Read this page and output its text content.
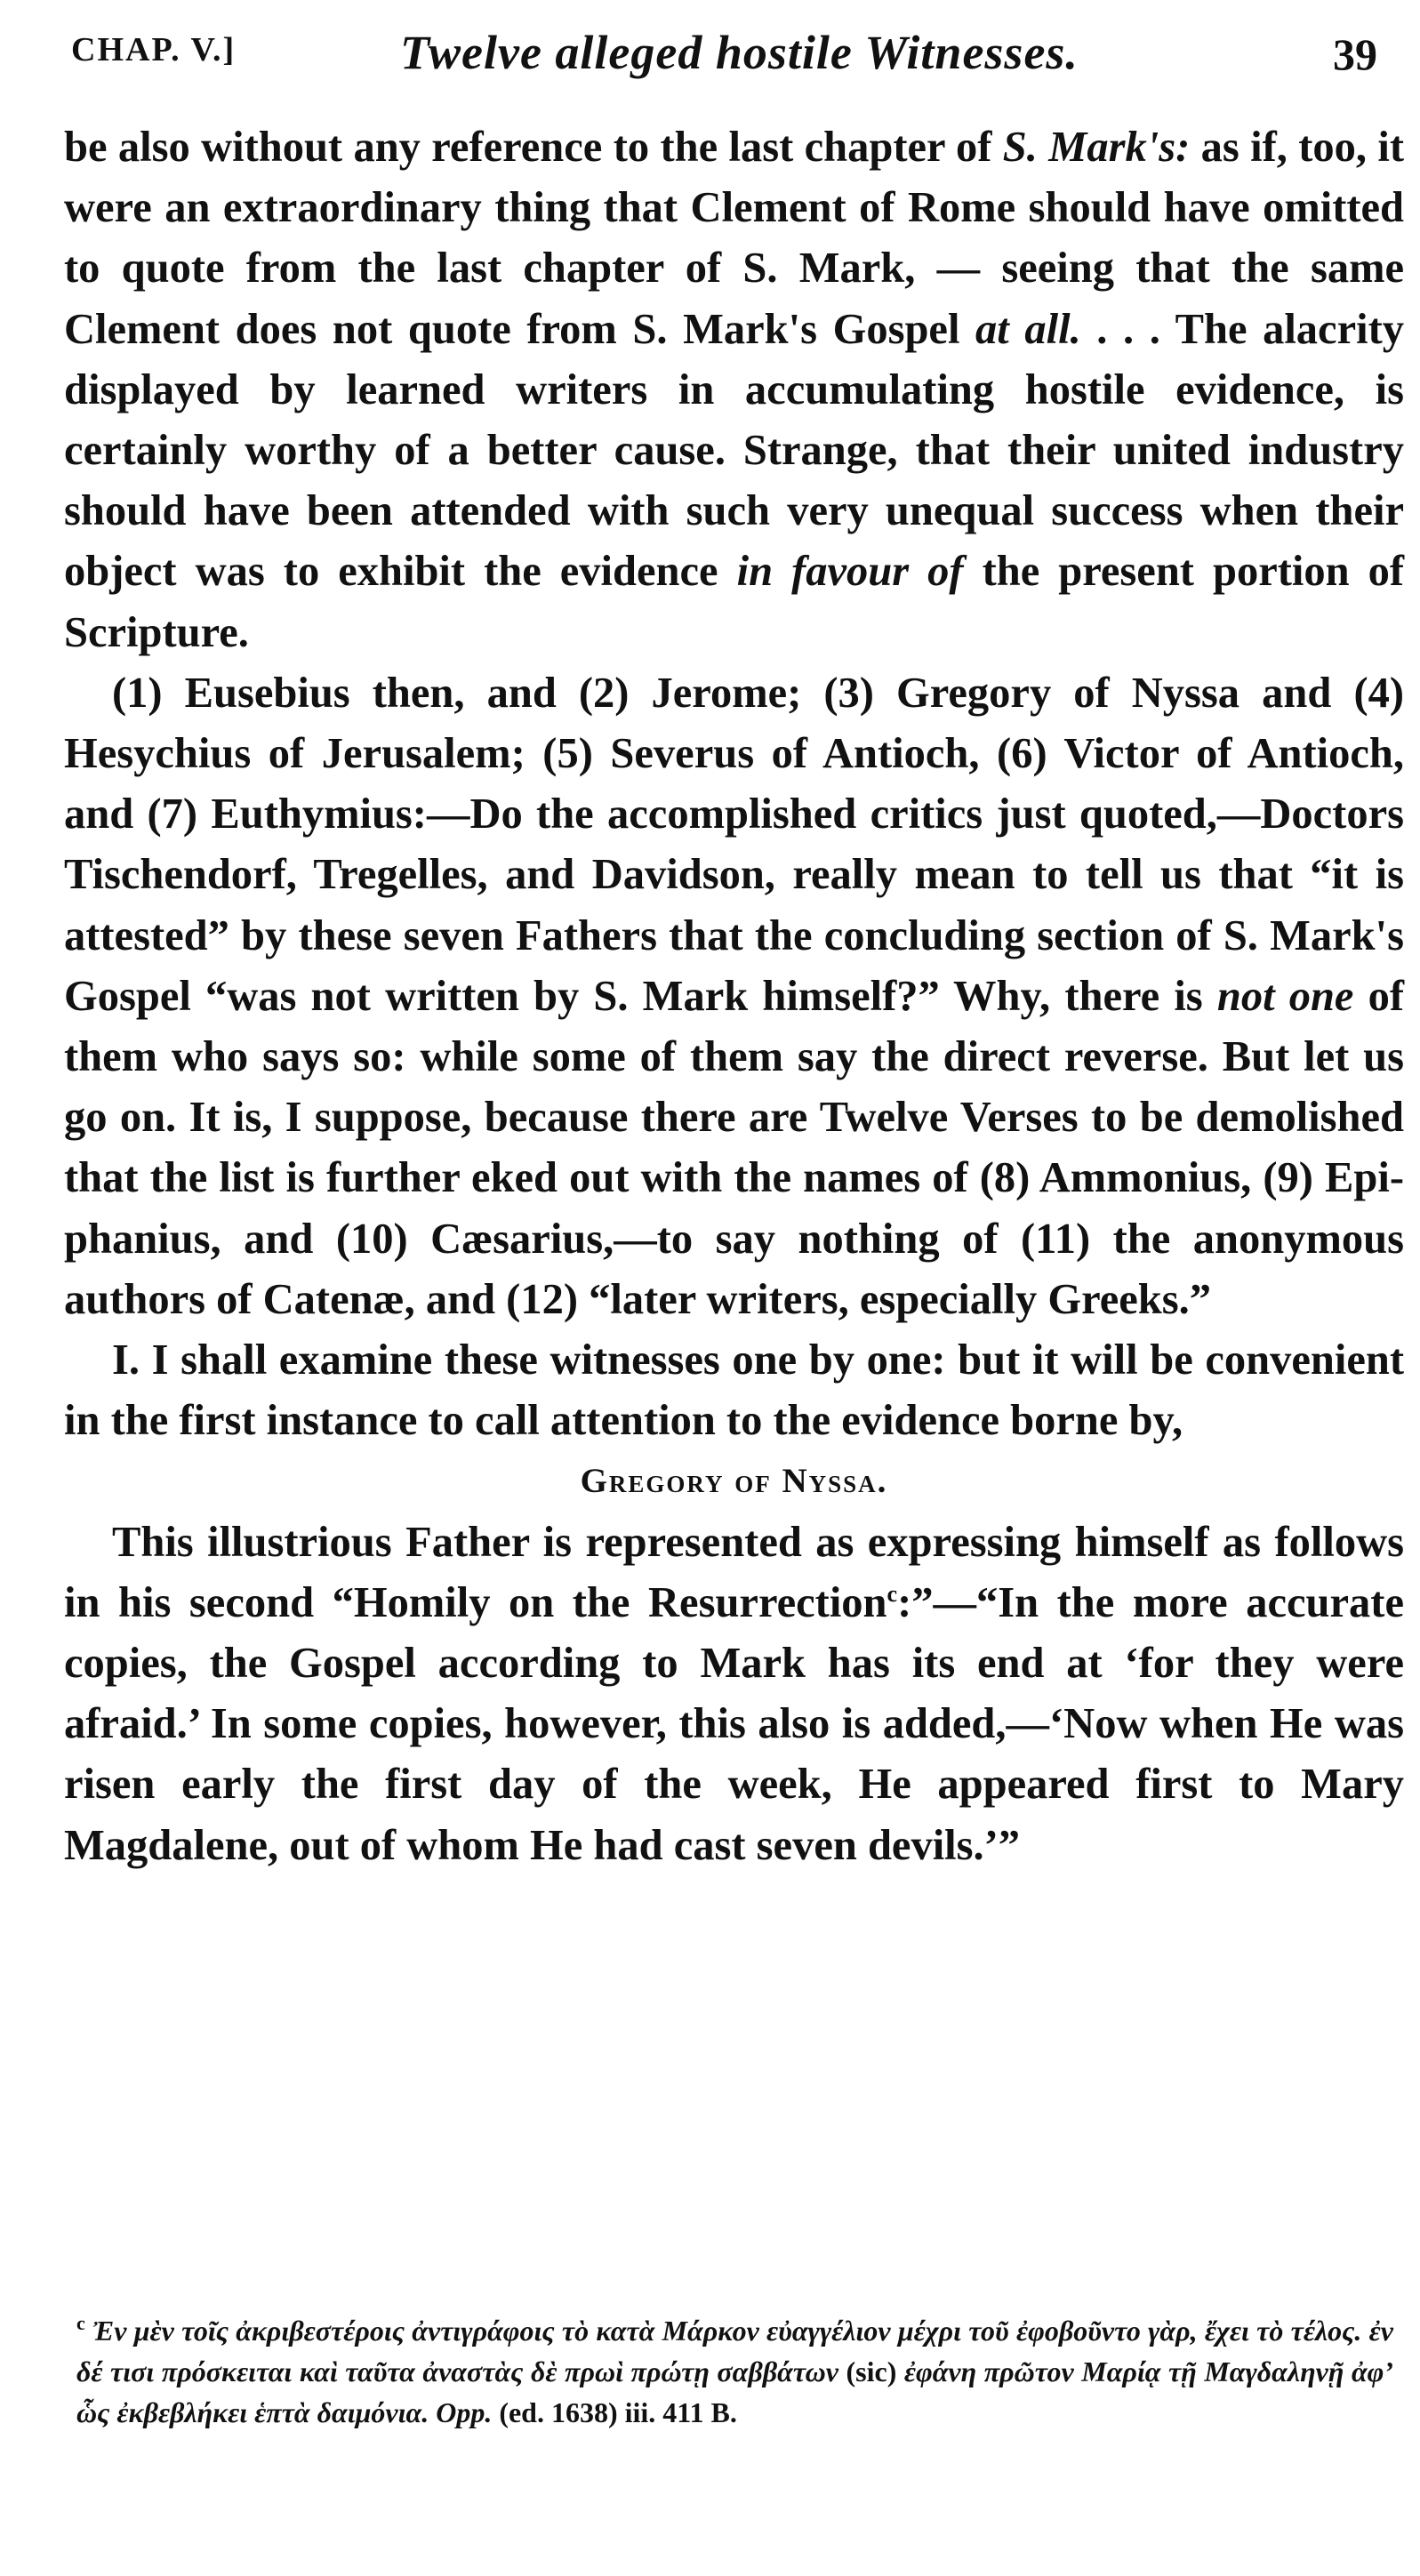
CHAP. V.]	Twelve alleged hostile Witnesses.	39

be also without any reference to the last chapter of S. Mark's: as if, too, it were an extraordinary thing that Clement of Rome should have omitted to quote from the last chapter of S. Mark, — seeing that the same Clement does not quote from S. Mark's Gospel at all. . . . The alacrity displayed by learned writers in accumulating hostile evidence, is certainly worthy of a better cause. Strange, that their united industry should have been attended with such very unequal success when their object was to exhibit the evidence in favour of the present portion of Scripture.

(1) Eusebius then, and (2) Jerome; (3) Gregory of Nyssa and (4) Hesychius of Jerusalem; (5) Severus of Antioch, (6) Victor of Antioch, and (7) Euthymius:—Do the accomplished critics just quoted,—Doctors Tischendorf, Tregelles, and Davidson, really mean to tell us that “it is attested” by these seven Fathers that the concluding section of S. Mark's Gospel “was not written by S. Mark himself?” Why, there is not one of them who says so: while some of them say the direct reverse. But let us go on. It is, I suppose, because there are Twelve Verses to be demolished that the list is further eked out with the names of (8) Ammonius, (9) Epiphanius, and (10) Cæsarius,—to say nothing of (11) the anonymous authors of Catenæ, and (12) “later writers, especially Greeks.”

I. I shall examine these witnesses one by one: but it will be convenient in the first instance to call attention to the evidence borne by,

Gregory of Nyssa.

This illustrious Father is represented as expressing himself as follows in his second “Homily on the Resurrection$^c$:”—“In the more accurate copies, the Gospel according to Mark has its end at ‘for they were afraid.’ In some copies, however, this also is added,—‘Now when He was risen early the first day of the week, He appeared first to Mary Magdalene, out of whom He had cast seven devils.’”

$^c$ Ἐν μὲν τοῖς ἀκριβεστέροις ἀντιγράφοις τὸ κατὰ Μάρκον εὐαγγέλιον μέχρι τοῦ ἐφοβοῦντο γὰρ, ἔχει τὸ τέλος. ἐν δέ τισι πρόσκειται καὶ ταῦτα ἀναστὰς δὲ πρωὶ πρώτῃ σαββάτων (sic) ἐφάνη πρῶτον Μαρίᾳ τῇ Μαγδαληνῇ ἀφ’ ὧς ἐκβεβλήκει ἑπτὰ δαιμόνια. Opp. (ed. 1638) iii. 411 B.
